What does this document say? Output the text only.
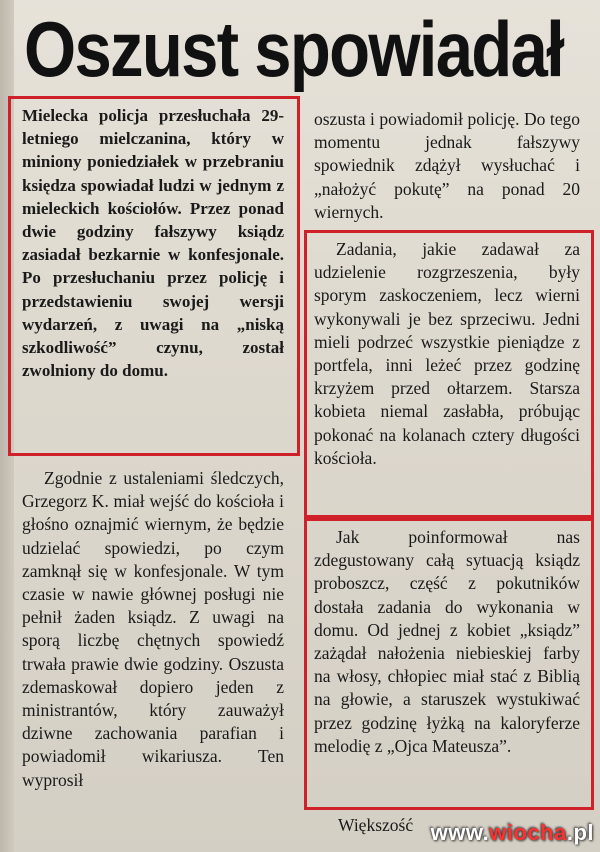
Oszust spowiadał

Mielecka policja przesłuchała 29-letniego mielczanina, który w miniony poniedziałek w przebraniu księdza spowiadał ludzi w jednym z mieleckich kościołów. Przez ponad dwie godziny fałszywy ksiądz zasiadał bezkarnie w konfesjonale. Po przesłuchaniu przez policję i przedstawieniu swojej wersji wydarzeń, z uwagi na „niską szkodliwość” czynu, został zwolniony do domu.

Zgodnie z ustaleniami śledczych, Grzegorz K. miał wejść do kościoła i głośno oznajmić wiernym, że będzie udzielać spowiedzi, po czym zamknął się w konfesjonale. W tym czasie w nawie głównej posługi nie pełnił żaden ksiądz. Z uwagi na sporą liczbę chętnych spowiedź trwała prawie dwie godziny. Oszusta zdemaskował dopiero jeden z ministrantów, który zauważył dziwne zachowania parafian i powiadomił wikariusza. Ten wyprosił

oszusta i powiadomił policję. Do tego momentu jednak fałszywy spowiednik zdążył wysłuchać i „nałożyć pokutę” na ponad 20 wiernych.

Zadania, jakie zadawał za udzielenie rozgrzeszenia, były sporym zaskoczeniem, lecz wierni wykonywali je bez sprzeciwu. Jedni mieli podrzeć wszystkie pieniądze z portfela, inni leżeć przez godzinę krzyżem przed ołtarzem. Starsza kobieta niemal zasłabła, próbując pokonać na kolanach cztery długości kościoła.

Jak poinformował nas zdegustowany całą sytuacją ksiądz proboszcz, część z pokutników dostała zadania do wykonania w domu. Od jednej z kobiet „ksiądz” zażądał nałożenia niebieskiej farby na włosy, chłopiec miał stać z Biblią na głowie, a staruszek wystukiwać przez godzinę łyżką na kaloryferze melodię z „Ojca Mateusza”.

Większość www.wiocha.pl
